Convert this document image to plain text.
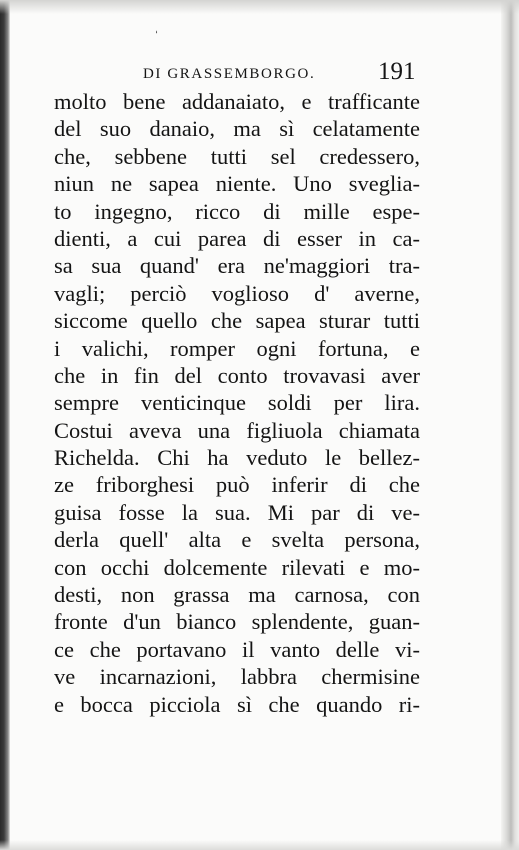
ʻ
DI GRASSEMBORGO.	191
molto bene addanaiato, e trafficante
del suo danaio, ma sì celatamente
che, sebbene tutti sel credessero,
niun ne sapea niente. Uno sveglia-
to ingegno, ricco di mille espe-
dienti, a cui parea di esser in ca-
sa sua quand' era ne'maggiori tra-
vagli; perciò voglioso d' averne,
siccome quello che sapea sturar tutti
i valichi, romper ogni fortuna, e
che in fin del conto trovavasi aver
sempre venticinque soldi per lira.
Costui aveva una figliuola chiamata
Richelda. Chi ha veduto le bellez-
ze friborghesi può inferir di che
guisa fosse la sua. Mi par di ve-
derla quell' alta e svelta persona,
con occhi dolcemente rilevati e mo-
desti, non grassa ma carnosa, con
fronte d'un bianco splendente, guan-
ce che portavano il vanto delle vi-
ve incarnazioni, labbra chermisine
e bocca picciola sì che quando ri-
